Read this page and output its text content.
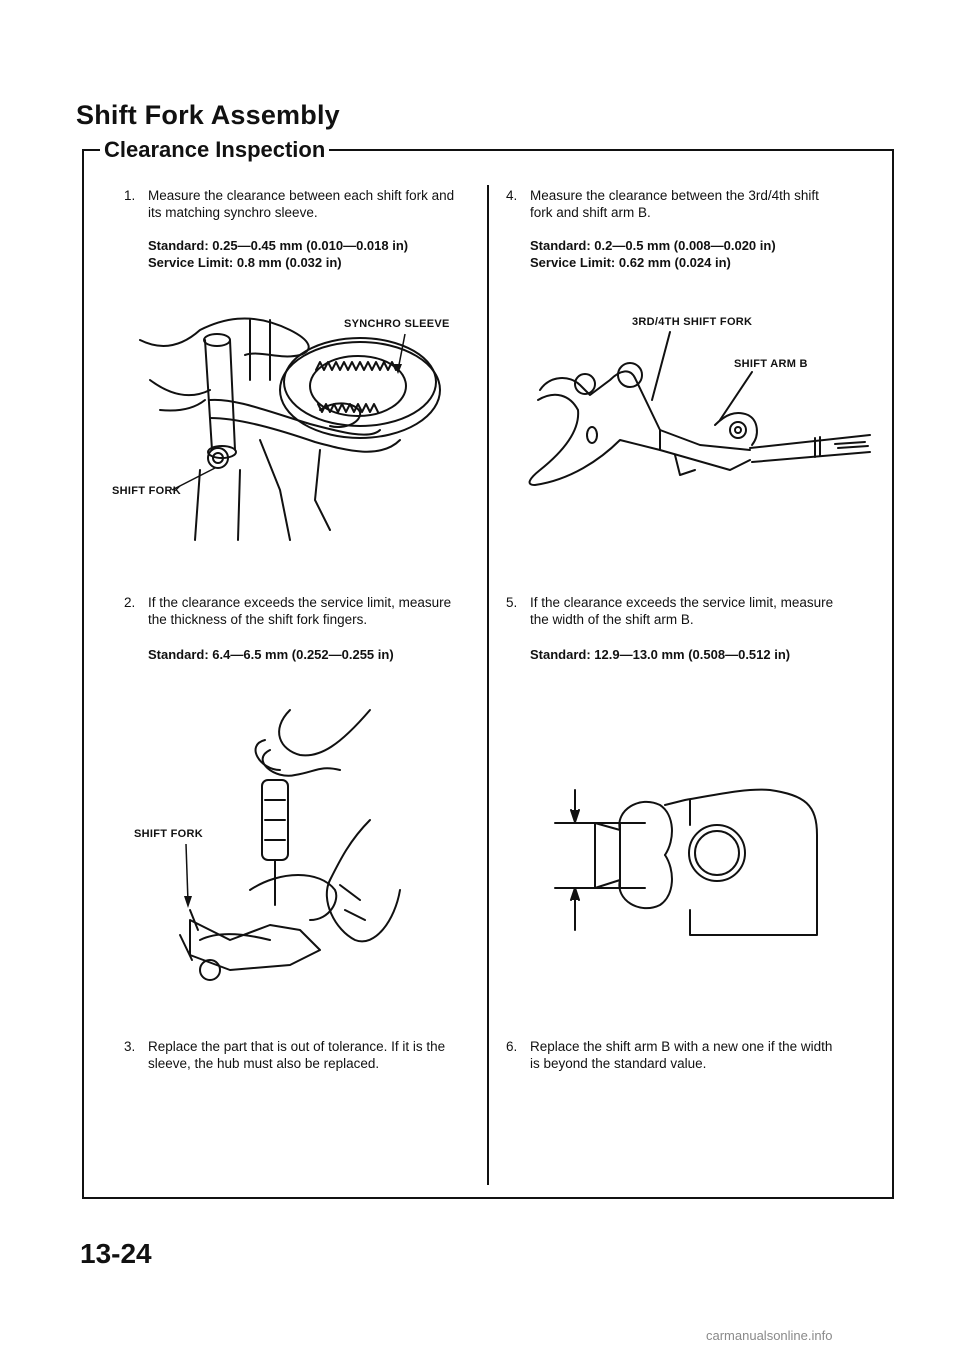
Shift Fork Assembly
Clearance Inspection
1. Measure the clearance between each shift fork and
its matching synchro sleeve.
Standard: 0.25—0.45 mm (0.010—0.018 in)
Service Limit: 0.8 mm (0.032 in)
SYNCHRO SLEEVE
SHIFT FORK
2. If the clearance exceeds the service limit, measure
the thickness of the shift fork fingers.
Standard: 6.4—6.5 mm (0.252—0.255 in)
SHIFT FORK
3. Replace the part that is out of tolerance. If it is the
sleeve, the hub must also be replaced.
4. Measure the clearance between the 3rd/4th shift
fork and shift arm B.
Standard: 0.2—0.5 mm (0.008—0.020 in)
Service Limit: 0.62 mm (0.024 in)
3RD/4TH SHIFT FORK
SHIFT ARM B
5. If the clearance exceeds the service limit, measure
the width of the shift arm B.
Standard: 12.9—13.0 mm (0.508—0.512 in)
6. Replace the shift arm B with a new one if the width
is beyond the standard value.
13-24
carmanualsonline.info
